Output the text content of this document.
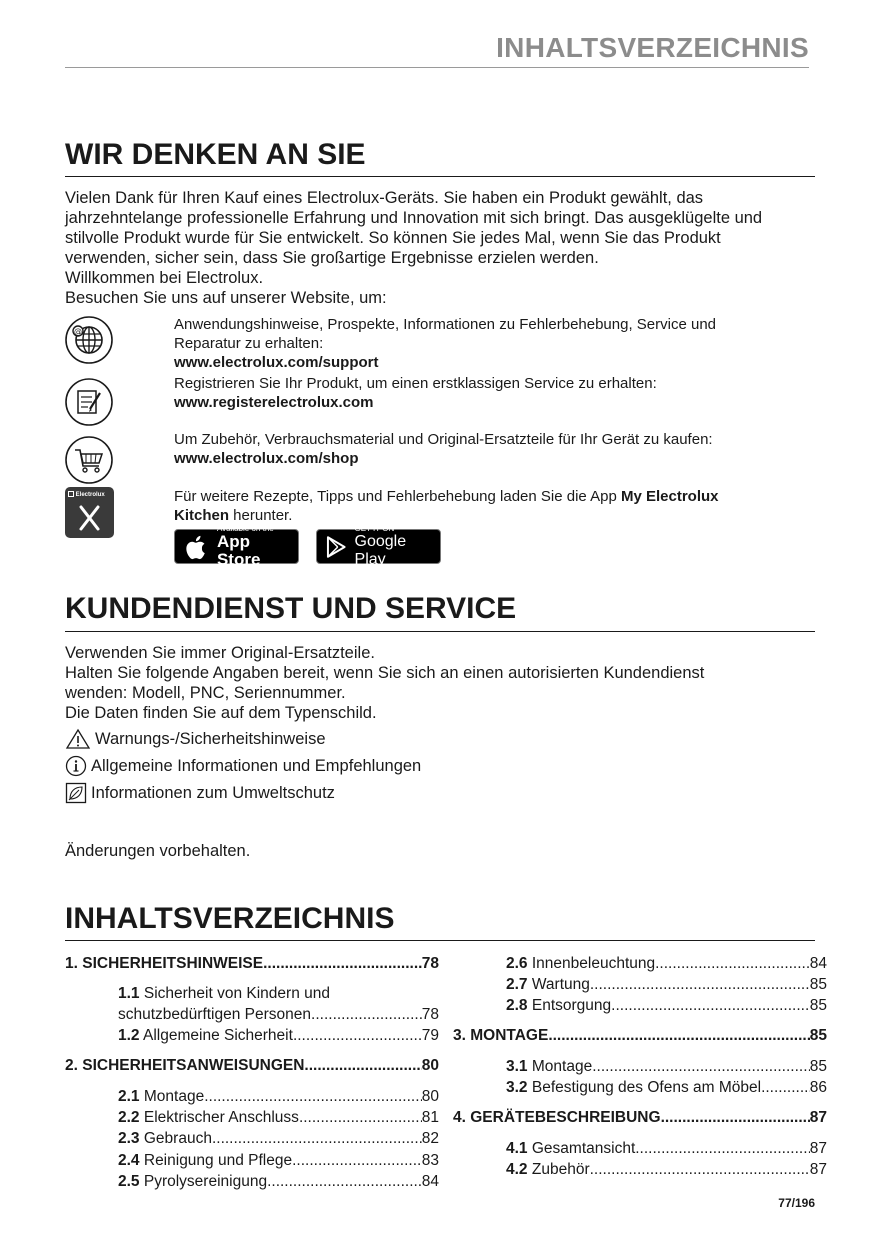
INHALTSVERZEICHNIS
WIR DENKEN AN SIE
Vielen Dank für Ihren Kauf eines Electrolux-Geräts. Sie haben ein Produkt gewählt, das
jahrzehntelange professionelle Erfahrung und Innovation mit sich bringt. Das ausgeklügelte und
stilvolle Produkt wurde für Sie entwickelt. So können Sie jedes Mal, wenn Sie das Produkt
verwenden, sicher sein, dass Sie großartige Ergebnisse erzielen werden.
Willkommen bei Electrolux.
Besuchen Sie uns auf unserer Website, um:
@	Anwendungshinweise, Prospekte, Informationen zu Fehlerbehebung, Service und
Reparatur zu erhalten:
www.electrolux.com/support
Registrieren Sie Ihr Produkt, um einen erstklassigen Service zu erhalten:
www.registerelectrolux.com
Um Zubehör, Verbrauchsmaterial und Original-Ersatzteile für Ihr Gerät zu kaufen:
www.electrolux.com/shop
Electrolux	Für weitere Rezepte, Tipps und Fehlerbehebung laden Sie die App My Electrolux
Kitchen herunter.
Available on the
App Store
GET IT ON
Google Play
KUNDENDIENST UND SERVICE
Verwenden Sie immer Original-Ersatzteile.
Halten Sie folgende Angaben bereit, wenn Sie sich an einen autorisierten Kundendienst
wenden: Modell, PNC, Seriennummer.
Die Daten finden Sie auf dem Typenschild.
Warnungs-/Sicherheitshinweise
Allgemeine Informationen und Empfehlungen
Informationen zum Umweltschutz
Änderungen vorbehalten.
INHALTSVERZEICHNIS
1. SICHERHEITSHINWEISE .....	78
1.1 Sicherheit von Kindern und
schutzbedürftigen Personen .....	78
1.2 Allgemeine Sicherheit .....	79
2. SICHERHEITSANWEISUNGEN .....	80
2.1 Montage .....	80
2.2 Elektrischer Anschluss .....	81
2.3 Gebrauch .....	82
2.4 Reinigung und Pflege .....	83
2.5 Pyrolysereinigung .....	84
2.6 Innenbeleuchtung .....	84
2.7 Wartung .....	85
2.8 Entsorgung .....	85
3. MONTAGE .....	85
3.1 Montage .....	85
3.2 Befestigung des Ofens am Möbel .....	86
4. GERÄTEBESCHREIBUNG .....	87
4.1 Gesamtansicht .....	87
4.2 Zubehör .....	87
77/196
